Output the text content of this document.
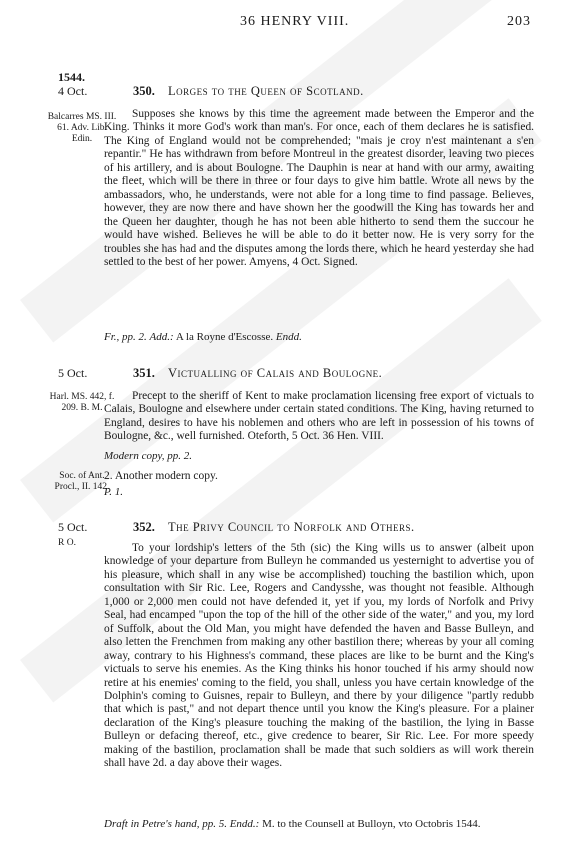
36 HENRY VIII.	203
1544.
4 Oct.
Balcarres MS. III. 61. Adv. Lib. Edin.
350. Lorges to the Queen of Scotland.

Supposes she knows by this time the agreement made between the Emperor and the King. Thinks it more God's work than man's. For once, each of them declares he is satisfied. The King of England would not be comprehended; "mais je croy n'est maintenant a s'en repantir." He has withdrawn from before Montreul in the greatest disorder, leaving two pieces of his artillery, and is about Boulogne. The Dauphin is near at hand with our army, awaiting the fleet, which will be there in three or four days to give him battle. Wrote all news by the ambassadors, who, he understands, were not able for a long time to find passage. Believes, however, they are now there and have shown her the goodwill the King has towards her and the Queen her daughter, though he has not been able hitherto to send them the succour he would have wished. Believes he will be able to do it better now. He is very sorry for the troubles she has had and the disputes among the lords there, which he heard yesterday she had settled to the best of her power. Amyens, 4 Oct. Signed.

Fr., pp. 2. Add.: A la Royne d'Escosse. Endd.
5 Oct.
Harl. MS. 442, f. 209. B. M.
351. Victualling of Calais and Boulogne.

Precept to the sheriff of Kent to make proclamation licensing free export of victuals to Calais, Boulogne and elsewhere under certain stated conditions. The King, having returned to England, desires to have his noblemen and others who are left in possession of his towns of Boulogne, &c., well furnished. Oteforth, 5 Oct. 36 Hen. VIII.

Modern copy, pp. 2.
Soc. of Ant. Procl., II. 142.
2. Another modern copy.
P. 1.
5 Oct.
R O.
352. The Privy Council to Norfolk and Others.

To your lordship's letters of the 5th (sic) the King wills us to answer (albeit upon knowledge of your departure from Bulleyn he commanded us yesternight to advertise you of his pleasure, which shall in any wise be accomplished) touching the bastilion which, upon consultation with Sir Ric. Lee, Rogers and Candysshe, was thought not feasible. Although 1,000 or 2,000 men could not have defended it, yet if you, my lords of Norfolk and Privy Seal, had encamped "upon the top of the hill of the other side of the water," and you, my lord of Suffolk, about the Old Man, you might have defended the haven and Basse Bulleyn, and also letten the Frenchmen from making any other bastilion there; whereas by your all coming away, contrary to his Highness's command, these places are like to be burnt and the King's victuals to serve his enemies. As the King thinks his honor touched if his army should now retire at his enemies' coming to the field, you shall, unless you have certain knowledge of the Dolphin's coming to Guisnes, repair to Bulleyn, and there by your diligence "partly redubb that which is past," and not depart thence until you know the King's pleasure. For a plainer declaration of the King's pleasure touching the making of the bastilion, the lying in Basse Bulleyn or defacing thereof, etc., give credence to bearer, Sir Ric. Lee. For more speedy making of the bastilion, proclamation shall be made that such soldiers as will work therein shall have 2d. a day above their wages.

Draft in Petre's hand, pp. 5. Endd.: M. to the Counsell at Bulloyn, vto Octobris 1544.
